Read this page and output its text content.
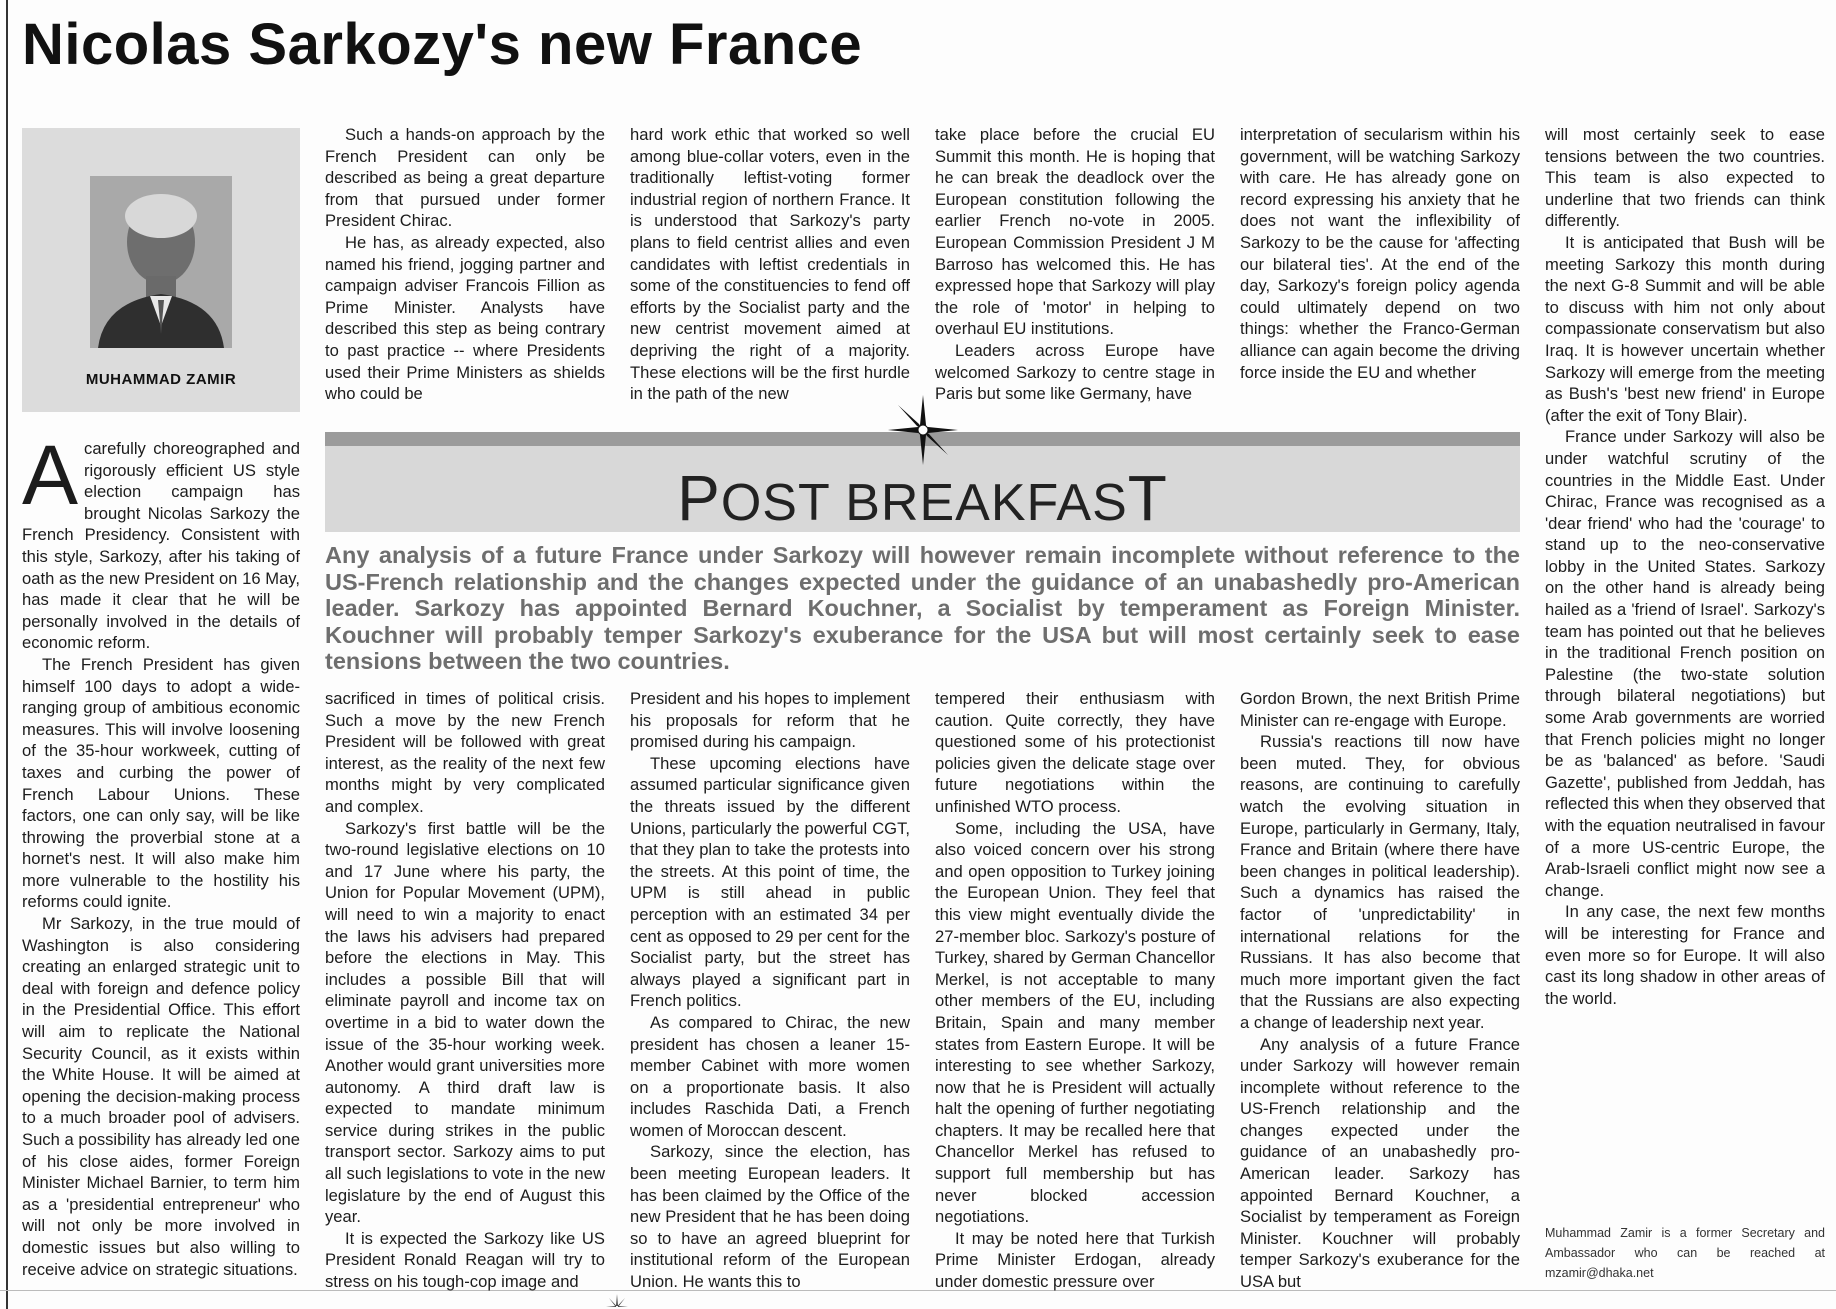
Nicolas Sarkozy's new France
MUHAMMAD ZAMIR

Acarefully choreographed and rigorously efficient US style election campaign has brought Nicolas Sarkozy the French Presidency. Consistent with this style, Sarkozy, after his taking of oath as the new President on 16 May, has made it clear that he will be personally involved in the details of economic reform.

The French President has given himself 100 days to adopt a wide-ranging group of ambitious economic measures. This will involve loosening of the 35-hour workweek, cutting of taxes and curbing the power of French Labour Unions. These factors, one can only say, will be like throwing the proverbial stone at a hornet's nest. It will also make him more vulnerable to the hostility his reforms could ignite.

Mr Sarkozy, in the true mould of Washington is also considering creating an enlarged strategic unit to deal with foreign and defence policy in the Presidential Office. This effort will aim to replicate the National Security Council, as it exists within the White House. It will be aimed at opening the decision-making process to a much broader pool of advisers. Such a possibility has already led one of his close aides, former Foreign Minister Michael Barnier, to term him as a 'presidential entrepreneur' who will not only be more involved in domestic issues but also willing to receive advice on strategic situations.

Such a hands-on approach by the French President can only be described as being a great departure from that pursued under former President Chirac.

He has, as already expected, also named his friend, jogging partner and campaign adviser Francois Fillion as Prime Minister. Analysts have described this step as being contrary to past practice -- where Presidents used their Prime Ministers as shields who could be

hard work ethic that worked so well among blue-collar voters, even in the traditionally leftist-voting former industrial region of northern France. It is understood that Sarkozy's party plans to field centrist allies and even candidates with leftist credentials in some of the constituencies to fend off efforts by the Socialist party and the new centrist movement aimed at depriving the right of a majority. These elections will be the first hurdle in the path of the new

take place before the crucial EU Summit this month. He is hoping that he can break the deadlock over the European constitution following the earlier French no-vote in 2005. European Commission President J M Barroso has welcomed this. He has expressed hope that Sarkozy will play the role of 'motor' in helping to overhaul EU institutions.

Leaders across Europe have welcomed Sarkozy to centre stage in Paris but some like Germany, have

interpretation of secularism within his government, will be watching Sarkozy with care. He has already gone on record expressing his anxiety that he does not want the inflexibility of Sarkozy to be the cause for 'affecting our bilateral ties'. At the end of the day, Sarkozy's foreign policy agenda could ultimately depend on two things: whether the Franco-German alliance can again become the driving force inside the EU and whether

POST BREAKFAST
Any analysis of a future France under Sarkozy will however remain incomplete without reference to the US-French relationship and the changes expected under the guidance of an unabashedly pro-American leader. Sarkozy has appointed Bernard Kouchner, a Socialist by temperament as Foreign Minister. Kouchner will probably temper Sarkozy's exuberance for the USA but will most certainly seek to ease tensions between the two countries.

sacrificed in times of political crisis. Such a move by the new French President will be followed with great interest, as the reality of the next few months might by very complicated and complex.

Sarkozy's first battle will be the two-round legislative elections on 10 and 17 June where his party, the Union for Popular Movement (UPM), will need to win a majority to enact the laws his advisers had prepared before the elections in May. This includes a possible Bill that will eliminate payroll and income tax on overtime in a bid to water down the issue of the 35-hour working week. Another would grant universities more autonomy. A third draft law is expected to mandate minimum service during strikes in the public transport sector. Sarkozy aims to put all such legislations to vote in the new legislature by the end of August this year.

It is expected the Sarkozy like US President Ronald Reagan will try to stress on his tough-cop image and

President and his hopes to implement his proposals for reform that he promised during his campaign.

These upcoming elections have assumed particular significance given the threats issued by the different Unions, particularly the powerful CGT, that they plan to take the protests into the streets. At this point of time, the UPM is still ahead in public perception with an estimated 34 per cent as opposed to 29 per cent for the Socialist party, but the street has always played a significant part in French politics.

As compared to Chirac, the new president has chosen a leaner 15-member Cabinet with more women on a proportionate basis. It also includes Raschida Dati, a French women of Moroccan descent.

Sarkozy, since the election, has been meeting European leaders. It has been claimed by the Office of the new President that he has been doing so to have an agreed blueprint for institutional reform of the European Union. He wants this to

tempered their enthusiasm with caution. Quite correctly, they have questioned some of his protectionist policies given the delicate stage over future negotiations within the unfinished WTO process.

Some, including the USA, have also voiced concern over his strong and open opposition to Turkey joining the European Union. They feel that this view might eventually divide the 27-member bloc. Sarkozy's posture of Turkey, shared by German Chancellor Merkel, is not acceptable to many other members of the EU, including Britain, Spain and many member states from Eastern Europe. It will be interesting to see whether Sarkozy, now that he is President will actually halt the opening of further negotiating chapters. It may be recalled here that Chancellor Merkel has refused to support full membership but has never blocked accession negotiations.

It may be noted here that Turkish Prime Minister Erdogan, already under domestic pressure over

Gordon Brown, the next British Prime Minister can re-engage with Europe.

Russia's reactions till now have been muted. They, for obvious reasons, are continuing to carefully watch the evolving situation in Europe, particularly in Germany, Italy, France and Britain (where there have been changes in political leadership). Such a dynamics has raised the factor of 'unpredictability' in international relations for the Russians. It has also become that much more important given the fact that the Russians are also expecting a change of leadership next year.

Any analysis of a future France under Sarkozy will however remain incomplete without reference to the US-French relationship and the changes expected under the guidance of an unabashedly pro-American leader. Sarkozy has appointed Bernard Kouchner, a Socialist by temperament as Foreign Minister. Kouchner will probably temper Sarkozy's exuberance for the USA but

will most certainly seek to ease tensions between the two countries. This team is also expected to underline that two friends can think differently.

It is anticipated that Bush will be meeting Sarkozy this month during the next G-8 Summit and will be able to discuss with him not only about compassionate conservatism but also Iraq. It is however uncertain whether Sarkozy will emerge from the meeting as Bush's 'best new friend' in Europe (after the exit of Tony Blair).

France under Sarkozy will also be under watchful scrutiny of the countries in the Middle East. Under Chirac, France was recognised as a 'dear friend' who had the 'courage' to stand up to the neo-conservative lobby in the United States. Sarkozy on the other hand is already being hailed as a 'friend of Israel'. Sarkozy's team has pointed out that he believes in the traditional French position on Palestine (the two-state solution through bilateral negotiations) but some Arab governments are worried that French policies might no longer be as 'balanced' as before. 'Saudi Gazette', published from Jeddah, has reflected this when they observed that with the equation neutralised in favour of a more US-centric Europe, the Arab-Israeli conflict might now see a change.

In any case, the next few months will be interesting for France and even more so for Europe. It will also cast its long shadow in other areas of the world.

Muhammad Zamir is a former Secretary and Ambassador who can be reached at mzamir@dhaka.net
